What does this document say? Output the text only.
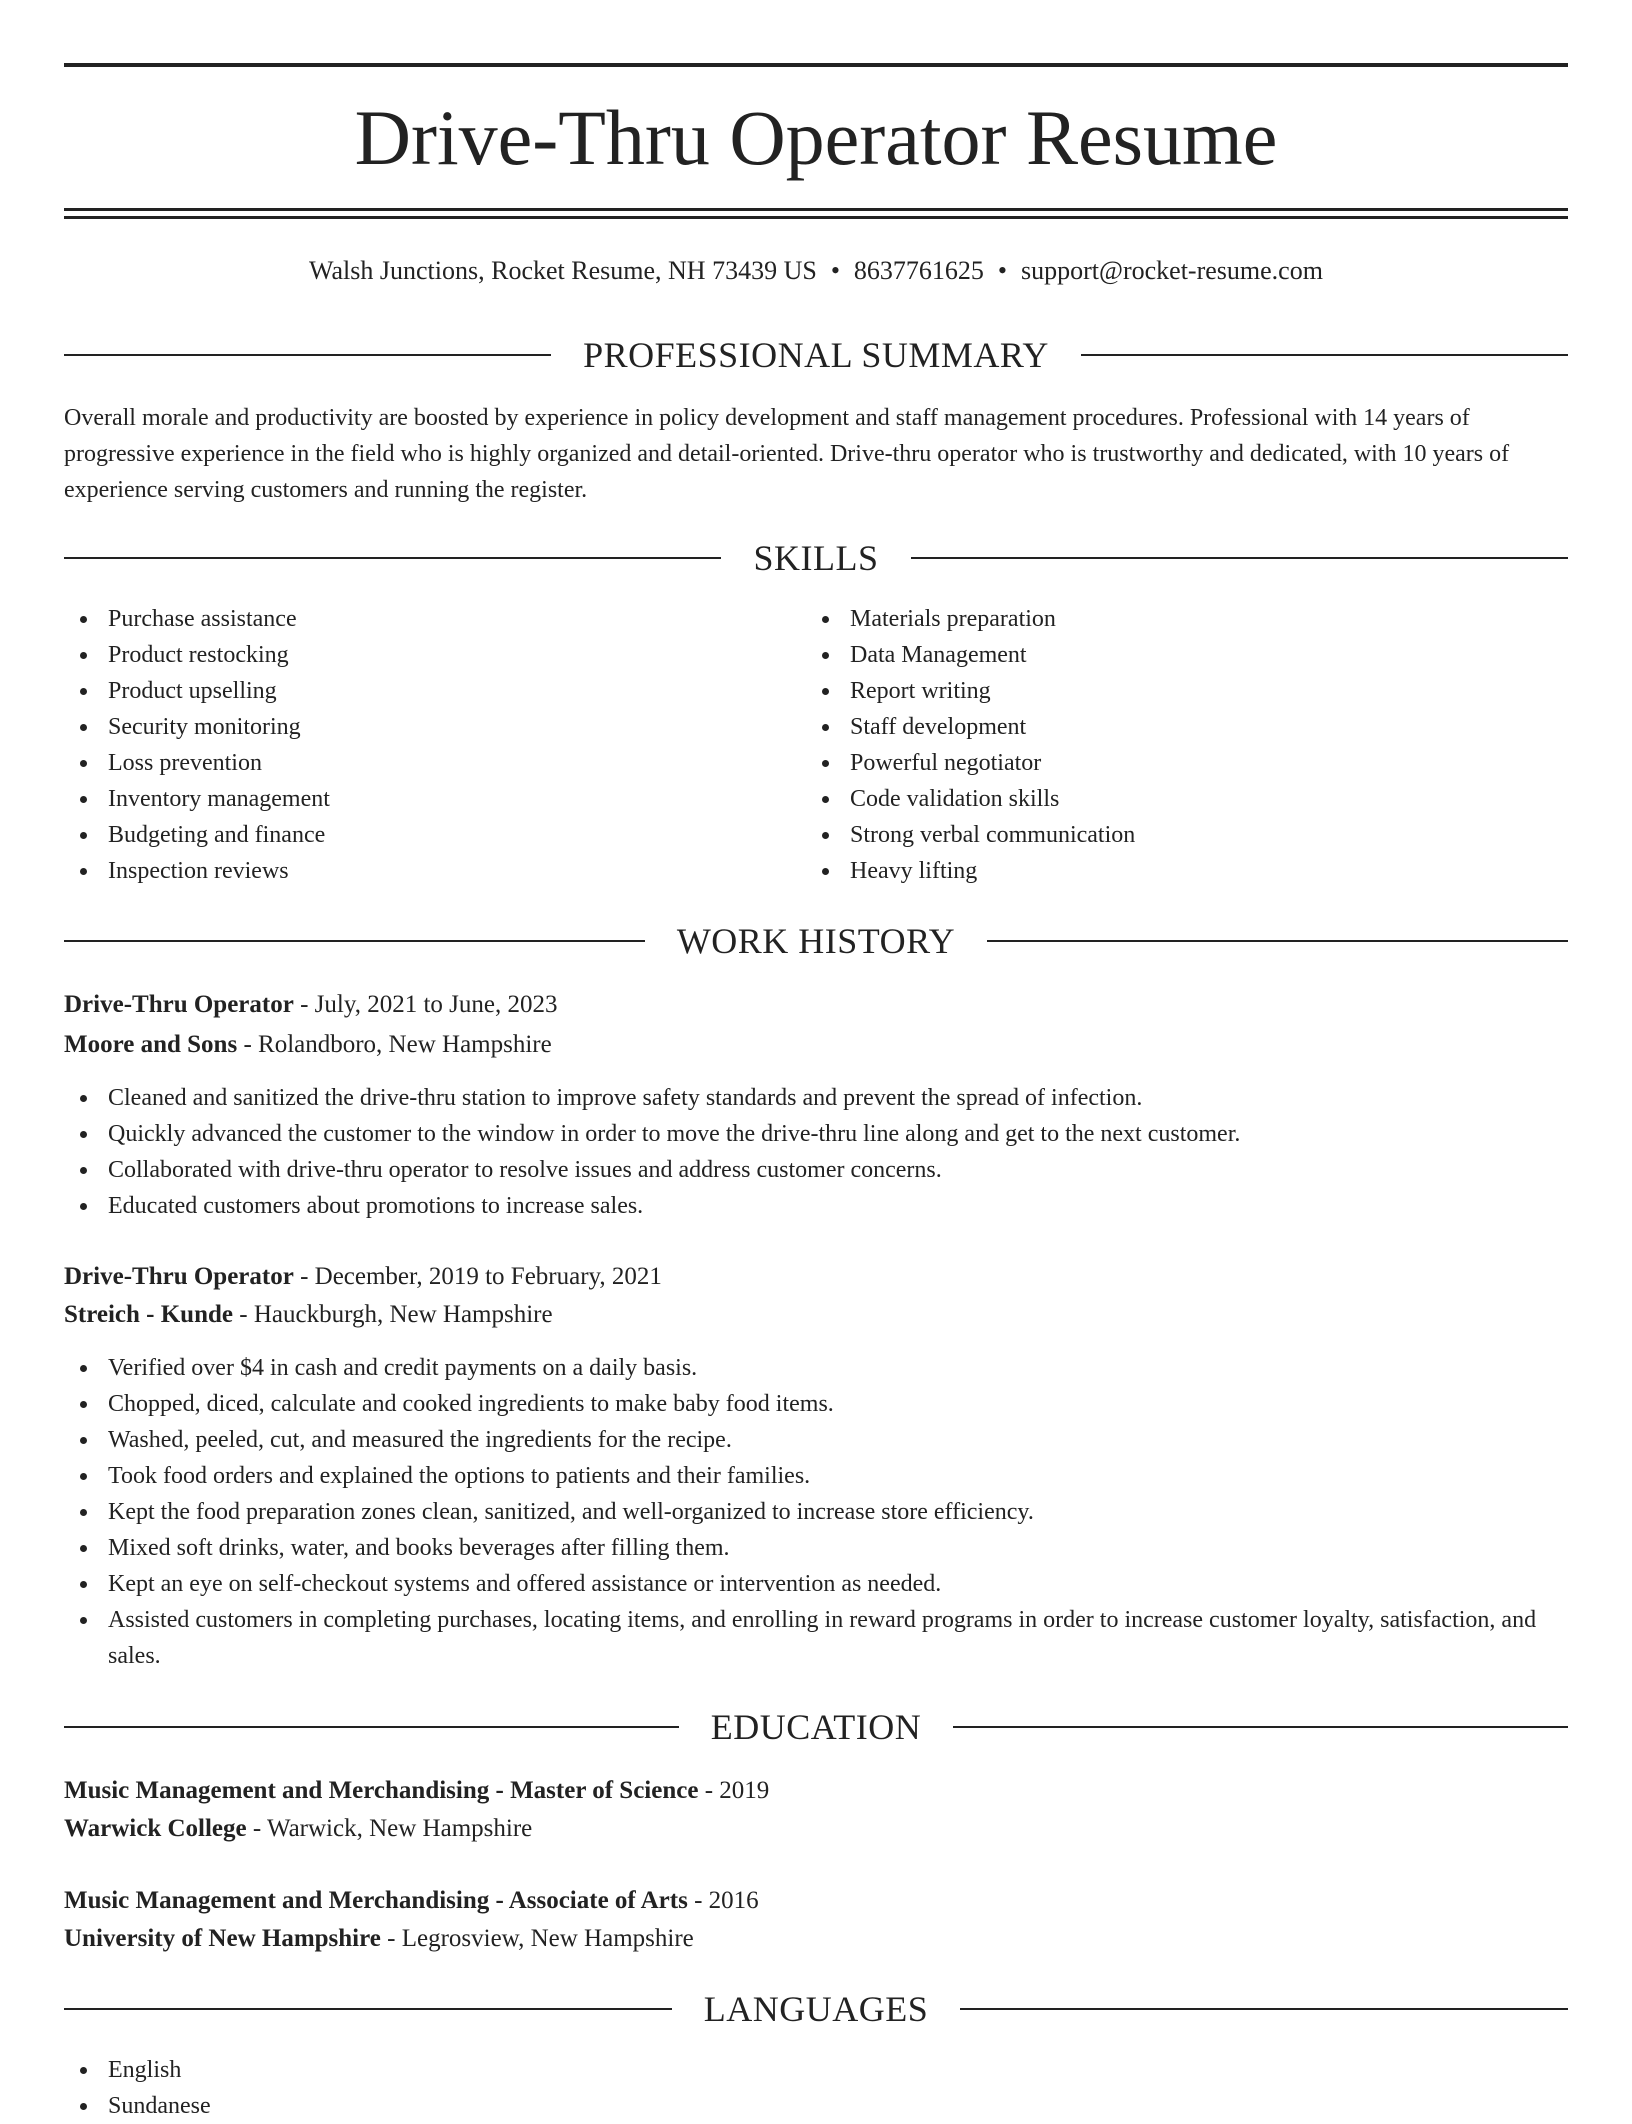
Drive-Thru Operator Resume
Walsh Junctions, Rocket Resume, NH 73439 US • 8637761625 • support@rocket-resume.com
PROFESSIONAL SUMMARY

Overall morale and productivity are boosted by experience in policy development and staff management procedures. Professional with 14 years of progressive experience in the field who is highly organized and detail-oriented. Drive-thru operator who is trustworthy and dedicated, with 10 years of experience serving customers and running the register.

SKILLS
Purchase assistance
Product restocking
Product upselling
Security monitoring
Loss prevention
Inventory management
Budgeting and finance
Inspection reviews
Materials preparation
Data Management
Report writing
Staff development
Powerful negotiator
Code validation skills
Strong verbal communication
Heavy lifting
WORK HISTORY
Drive-Thru Operator - July, 2021 to June, 2023
Moore and Sons - Rolandboro, New Hampshire
Cleaned and sanitized the drive-thru station to improve safety standards and prevent the spread of infection.
Quickly advanced the customer to the window in order to move the drive-thru line along and get to the next customer.
Collaborated with drive-thru operator to resolve issues and address customer concerns.
Educated customers about promotions to increase sales.
Drive-Thru Operator - December, 2019 to February, 2021
Streich - Kunde - Hauckburgh, New Hampshire
Verified over $4 in cash and credit payments on a daily basis.
Chopped, diced, calculate and cooked ingredients to make baby food items.
Washed, peeled, cut, and measured the ingredients for the recipe.
Took food orders and explained the options to patients and their families.
Kept the food preparation zones clean, sanitized, and well-organized to increase store efficiency.
Mixed soft drinks, water, and books beverages after filling them.
Kept an eye on self-checkout systems and offered assistance or intervention as needed.
Assisted customers in completing purchases, locating items, and enrolling in reward programs in order to increase customer loyalty, satisfaction, and sales.
EDUCATION
Music Management and Merchandising - Master of Science - 2019
Warwick College - Warwick, New Hampshire
Music Management and Merchandising - Associate of Arts - 2016
University of New Hampshire - Legrosview, New Hampshire
LANGUAGES
English
Sundanese
